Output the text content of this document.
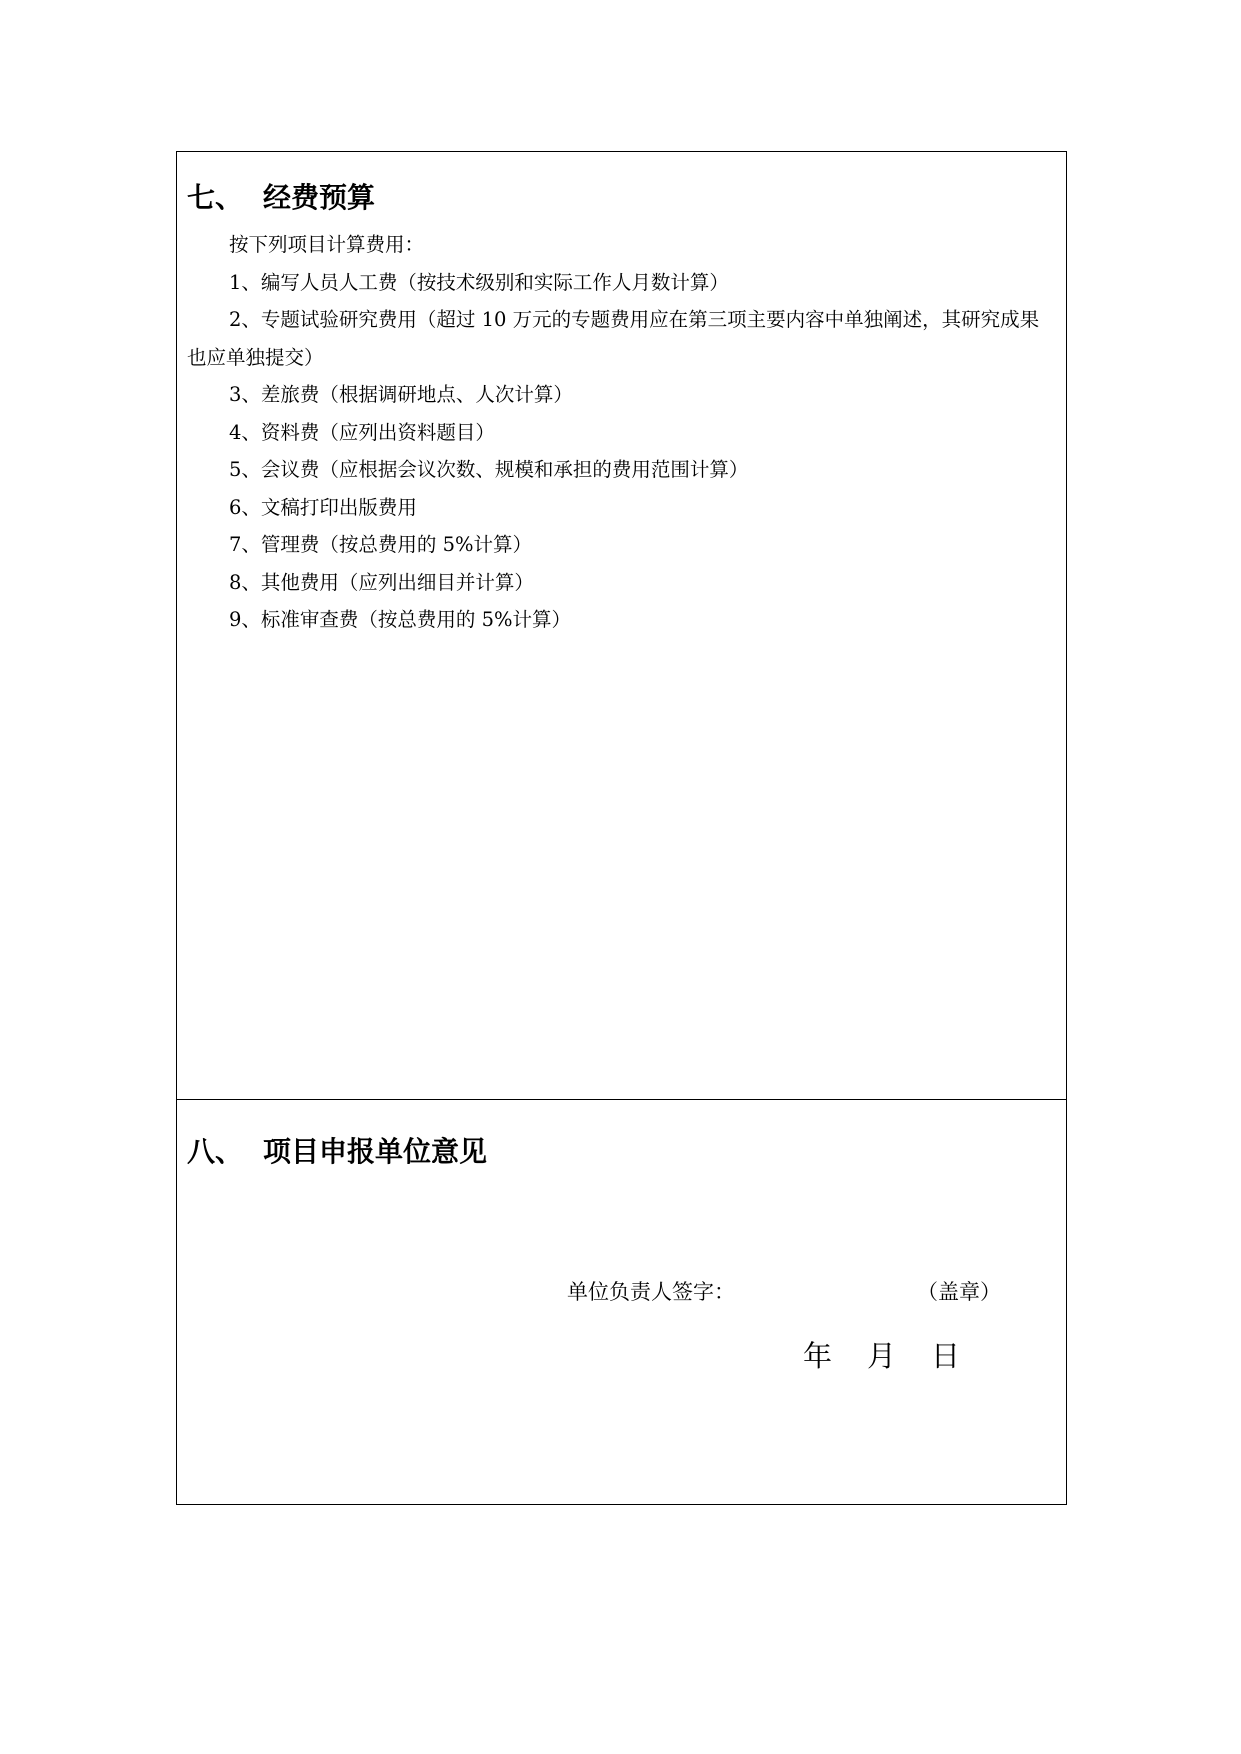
七、 经费预算

按下列项目计算费用：

1、编写人员人工费（按技术级别和实际工作人月数计算）

2、专题试验研究费用（超过 10 万元的专题费用应在第三项主要内容中单独阐述，其研究成果也应单独提交）

3、差旅费（根据调研地点、人次计算）

4、资料费（应列出资料题目）

5、会议费（应根据会议次数、规模和承担的费用范围计算）

6、文稿打印出版费用

7、管理费（按总费用的 5%计算）

8、其他费用（应列出细目并计算）

9、标准审查费（按总费用的 5%计算）

八、 项目申报单位意见
单位负责人签字：	（盖章）
年 月 日
